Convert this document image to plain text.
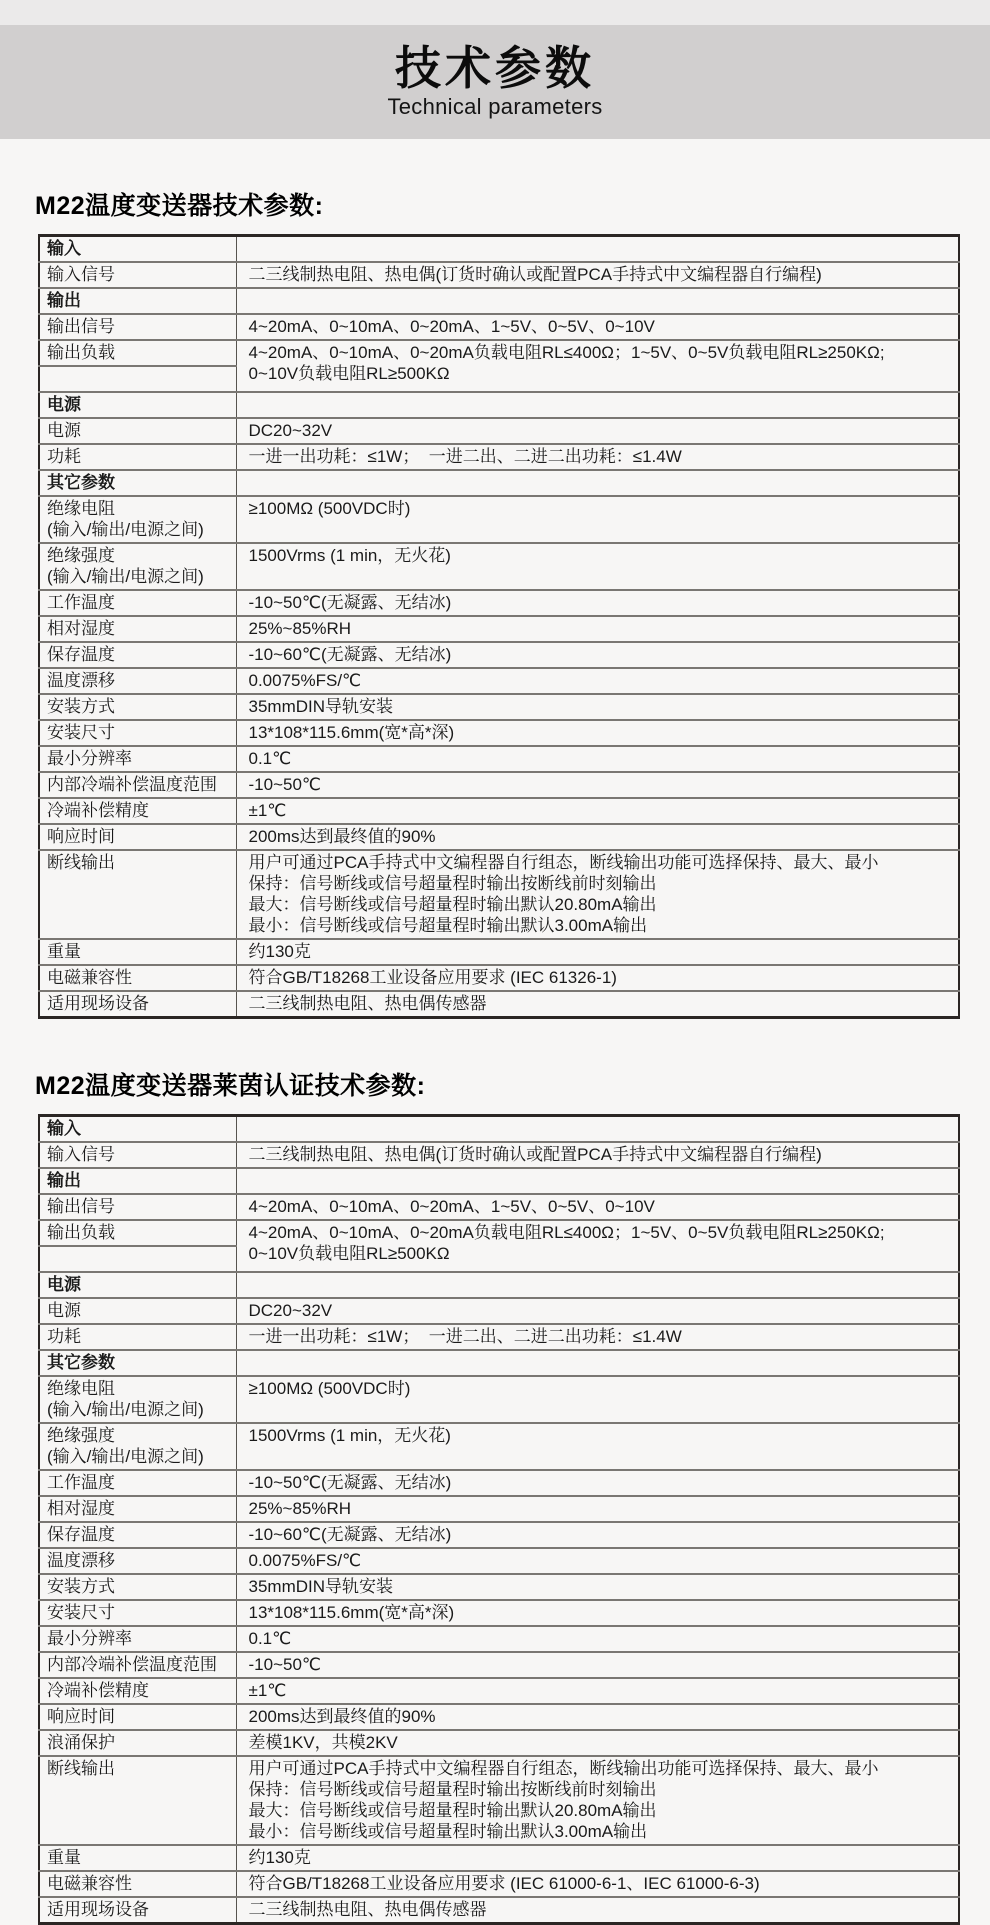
技术参数
Technical parameters
M22温度变送器技术参数:
输入	
输入信号	二三线制热电阻、热电偶(订货时确认或配置PCA手持式中文编程器自行编程)
输出	
输出信号	4~20mA、0~10mA、0~20mA、1~5V、0~5V、0~10V
输出负载	4~20mA、0~10mA、0~20mA负载电阻RL≤400Ω；1~5V、0~5V负载电阻RL≥250KΩ;
0~10V负载电阻RL≥500KΩ

电源	
电源	DC20~32V
功耗	一进一出功耗：≤1W；  一进二出、二进二出功耗：≤1.4W
其它参数	
绝缘电阻
(输入/输出/电源之间)	≥100MΩ (500VDC时)
绝缘强度
(输入/输出/电源之间)	1500Vrms (1 min，无火花)
工作温度	-10~50℃(无凝露、无结冰)
相对湿度	25%~85%RH
保存温度	-10~60℃(无凝露、无结冰)
温度漂移	0.0075%FS/℃
安装方式	35mmDIN导轨安装
安装尺寸	13*108*115.6mm(宽*高*深)
最小分辨率	0.1℃
内部冷端补偿温度范围	-10~50℃
冷端补偿精度	±1℃
响应时间	200ms达到最终值的90%
断线输出	用户可通过PCA手持式中文编程器自行组态，断线输出功能可选择保持、最大、最小
保持：信号断线或信号超量程时输出按断线前时刻输出
最大：信号断线或信号超量程时输出默认20.80mA输出
最小：信号断线或信号超量程时输出默认3.00mA输出
重量	约130克
电磁兼容性	符合GB/T18268工业设备应用要求 (IEC 61326-1)
适用现场设备	二三线制热电阻、热电偶传感器
M22温度变送器莱茵认证技术参数:
输入	
输入信号	二三线制热电阻、热电偶(订货时确认或配置PCA手持式中文编程器自行编程)
输出	
输出信号	4~20mA、0~10mA、0~20mA、1~5V、0~5V、0~10V
输出负载	4~20mA、0~10mA、0~20mA负载电阻RL≤400Ω；1~5V、0~5V负载电阻RL≥250KΩ;
0~10V负载电阻RL≥500KΩ

电源	
电源	DC20~32V
功耗	一进一出功耗：≤1W；  一进二出、二进二出功耗：≤1.4W
其它参数	
绝缘电阻
(输入/输出/电源之间)	≥100MΩ (500VDC时)
绝缘强度
(输入/输出/电源之间)	1500Vrms (1 min，无火花)
工作温度	-10~50℃(无凝露、无结冰)
相对湿度	25%~85%RH
保存温度	-10~60℃(无凝露、无结冰)
温度漂移	0.0075%FS/℃
安装方式	35mmDIN导轨安装
安装尺寸	13*108*115.6mm(宽*高*深)
最小分辨率	0.1℃
内部冷端补偿温度范围	-10~50℃
冷端补偿精度	±1℃
响应时间	200ms达到最终值的90%
浪涌保护	差模1KV，共模2KV
断线输出	用户可通过PCA手持式中文编程器自行组态，断线输出功能可选择保持、最大、最小
保持：信号断线或信号超量程时输出按断线前时刻输出
最大：信号断线或信号超量程时输出默认20.80mA输出
最小：信号断线或信号超量程时输出默认3.00mA输出
重量	约130克
电磁兼容性	符合GB/T18268工业设备应用要求 (IEC 61000-6-1、IEC 61000-6-3)
适用现场设备	二三线制热电阻、热电偶传感器
